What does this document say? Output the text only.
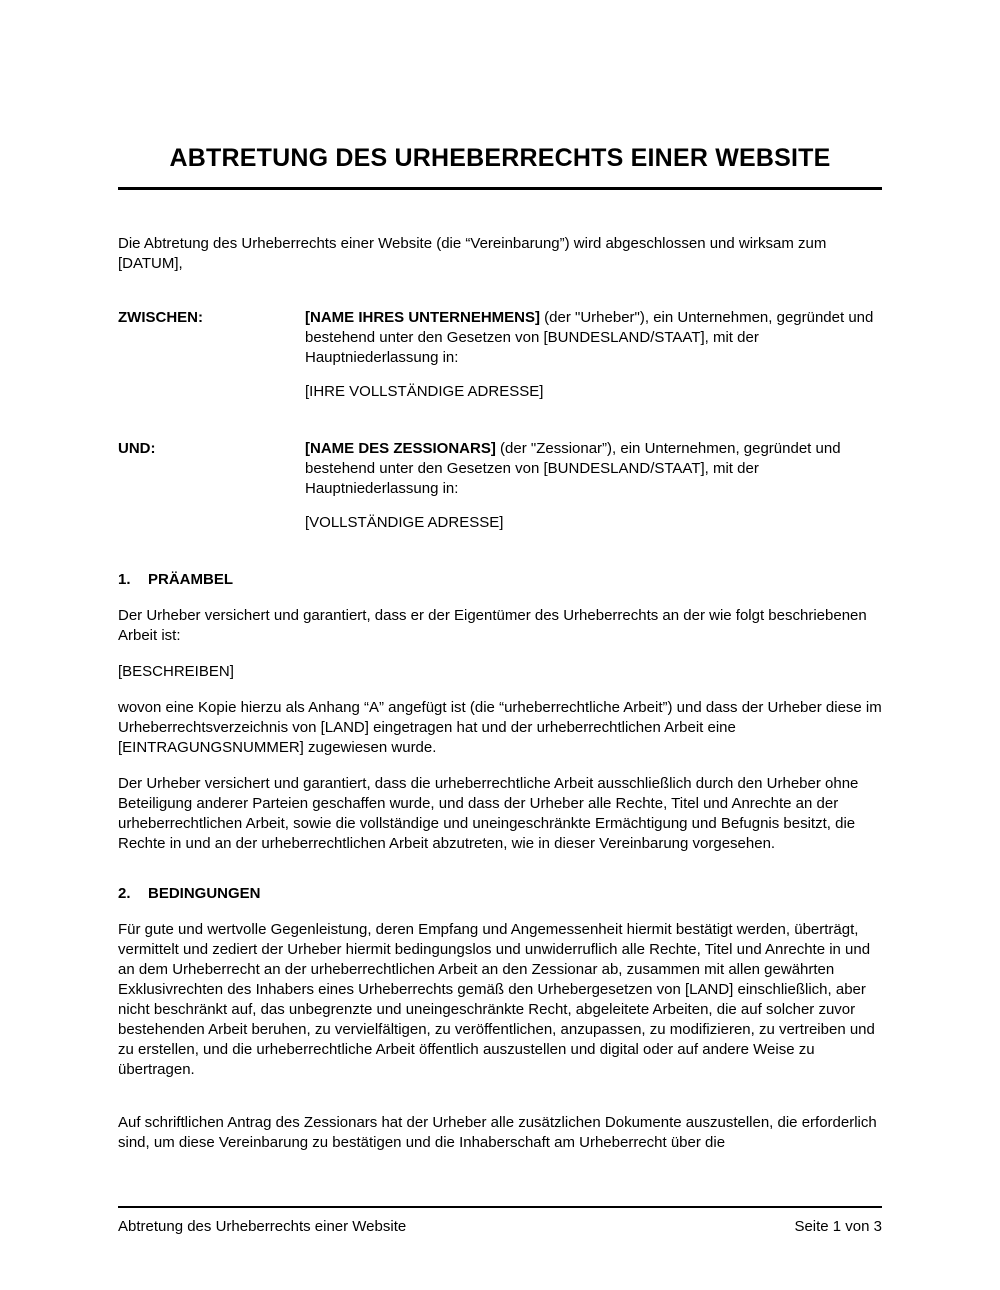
ABTRETUNG DES URHEBERRECHTS EINER WEBSITE

Die Abtretung des Urheberrechts einer Website (die “Vereinbarung”) wird abgeschlossen und wirksam zum [DATUM],

ZWISCHEN:	[NAME IHRES UNTERNEHMENS] (der "Urheber"), ein Unternehmen, gegründet und bestehend unter den Gesetzen von [BUNDESLAND/STAAT], mit der Hauptniederlassung in:

[IHRE VOLLSTÄNDIGE ADRESSE]

UND:	[NAME DES ZESSIONARS] (der "Zessionar”), ein Unternehmen, gegründet und bestehend unter den Gesetzen von [BUNDESLAND/STAAT], mit der Hauptniederlassung in:

[VOLLSTÄNDIGE ADRESSE]

1.	PRÄAMBEL

Der Urheber versichert und garantiert, dass er der Eigentümer des Urheberrechts an der wie folgt beschriebenen Arbeit ist:

[BESCHREIBEN]

wovon eine Kopie hierzu als Anhang “A” angefügt ist (die “urheberrechtliche Arbeit”) und dass der Urheber diese im Urheberrechtsverzeichnis von [LAND] eingetragen hat und der urheberrechtlichen Arbeit eine [EINTRAGUNGSNUMMER] zugewiesen wurde.

Der Urheber versichert und garantiert, dass die urheberrechtliche Arbeit ausschließlich durch den Urheber ohne Beteiligung anderer Parteien geschaffen wurde, und dass der Urheber alle Rechte, Titel und Anrechte an der urheberrechtlichen Arbeit, sowie die vollständige und uneingeschränkte Ermächtigung und Befugnis besitzt, die Rechte in und an der urheberrechtlichen Arbeit abzutreten, wie in dieser Vereinbarung vorgesehen.

2.	BEDINGUNGEN

Für gute und wertvolle Gegenleistung, deren Empfang und Angemessenheit hiermit bestätigt werden, überträgt, vermittelt und zediert der Urheber hiermit bedingungslos und unwiderruflich alle Rechte, Titel und Anrechte in und an dem Urheberrecht an der urheberrechtlichen Arbeit an den Zessionar ab, zusammen mit allen gewährten Exklusivrechten des Inhabers eines Urheberrechts gemäß den Urhebergesetzen von [LAND] einschließlich, aber nicht beschränkt auf, das unbegrenzte und uneingeschränkte Recht, abgeleitete Arbeiten, die auf solcher zuvor bestehenden Arbeit beruhen, zu vervielfältigen, zu veröffentlichen, anzupassen, zu modifizieren, zu vertreiben und zu erstellen, und die urheberrechtliche Arbeit öffentlich auszustellen und digital oder auf andere Weise zu übertragen.

Auf schriftlichen Antrag des Zessionars hat der Urheber alle zusätzlichen Dokumente auszustellen, die erforderlich sind, um diese Vereinbarung zu bestätigen und die Inhaberschaft am Urheberrecht über die

Abtretung des Urheberrechts einer Website	Seite 1 von 3
